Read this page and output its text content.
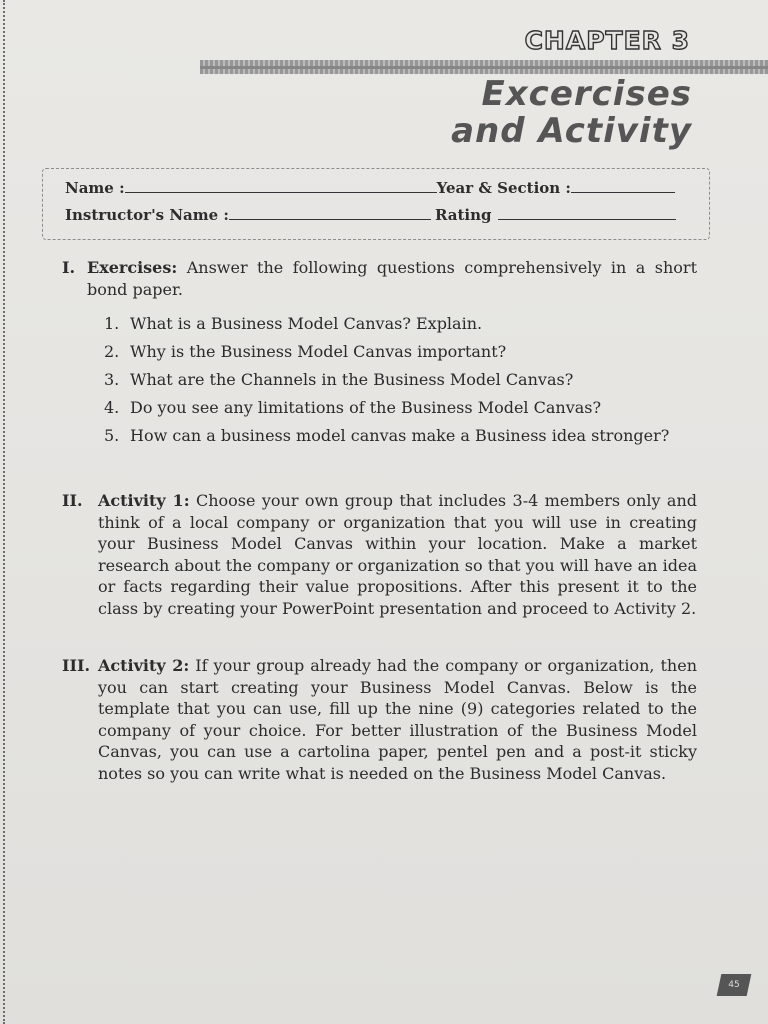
CHAPTER 3
Excercises
and Activity
Name :	Year & Section :
Instructor's Name :	Rating
I. Exercises: Answer the following questions comprehensively in a short bond paper.
1. What is a Business Model Canvas? Explain.
2. Why is the Business Model Canvas important?
3. What are the Channels in the Business Model Canvas?
4. Do you see any limitations of the Business Model Canvas?
5. How can a business model canvas make a Business idea stronger?
II. Activity 1: Choose your own group that includes 3-4 members only and think of a local company or organization that you will use in creating your Business Model Canvas within your location. Make a market research about the company or organization so that you will have an idea or facts regarding their value propositions. After this present it to the class by creating your PowerPoint presentation and proceed to Activity 2.
III. Activity 2: If your group already had the company or organization, then you can start creating your Business Model Canvas. Below is the template that you can use, fill up the nine (9) categories related to the company of your choice. For better illustration of the Business Model Canvas, you can use a cartolina paper, pentel pen and a post-it sticky notes so you can write what is needed on the Business Model Canvas.
45
